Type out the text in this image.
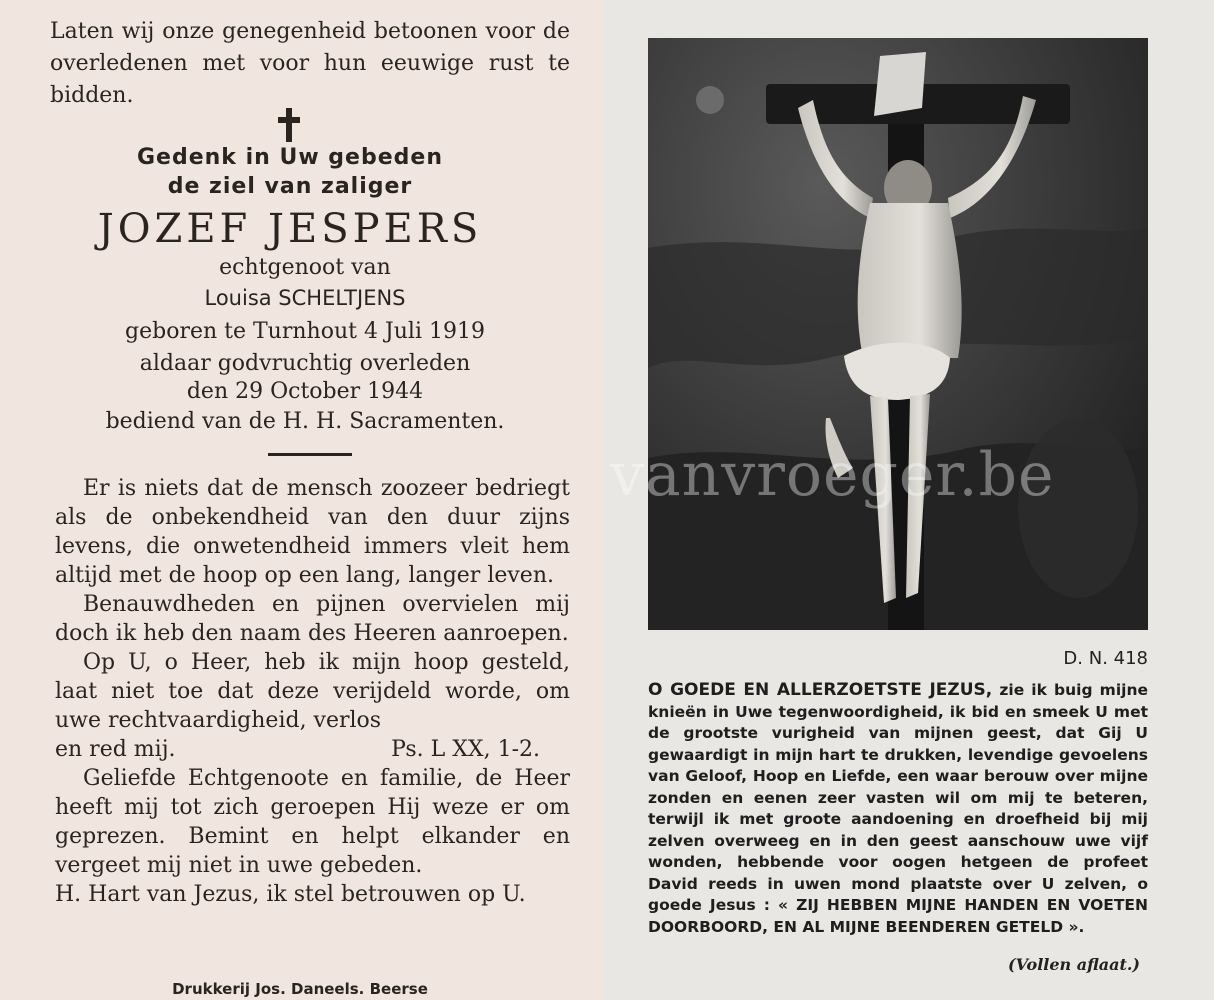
Laten wij onze genegenheid betoonen voor de overledenen met voor hun eeuwige rust te bidden.
Gedenk in Uw gebeden
de ziel van zaliger
JOZEF JESPERS
echtgenoot van
Louisa SCHELTJENS
geboren te Turnhout 4 Juli 1919
aldaar godvruchtig overleden
den 29 October 1944
bediend van de H. H. Sacramenten.

Er is niets dat de mensch zoozeer bedriegt als de onbekendheid van den duur zijns levens, die onwetendheid immers vleit hem altijd met de hoop op een lang, langer leven.

Benauwdheden en pijnen overvielen mij doch ik heb den naam des Heeren aanroepen.

Op U, o Heer, heb ik mijn hoop gesteld, laat niet toe dat deze verijdeld worde, om uwe rechtvaardigheid, verlos

en red mij.	Ps. L XX, 1-2.

Geliefde Echtgenoote en familie, de Heer heeft mij tot zich geroepen Hij weze er om geprezen. Bemint en helpt elkander en vergeet mij niet in uwe gebeden.

H. Hart van Jezus, ik stel betrouwen op U.

Drukkerij Jos. Daneels. Beerse
D. N. 418
O GOEDE EN ALLERZOETSTE JEZUS, zie ik buig mijne knieën in Uwe tegenwoordigheid, ik bid en smeek U met de grootste vurigheid van mijnen geest, dat Gij U gewaardigt in mijn hart te drukken, levendige gevoelens van Geloof, Hoop en Liefde, een waar berouw over mijne zonden en eenen zeer vasten wil om mij te beteren, terwijl ik met groote aandoening en droefheid bij mij zelven overweeg en in den geest aanschouw uwe vijf wonden, hebbende voor oogen hetgeen de profeet David reeds in uwen mond plaatste over U zelven, o goede Jesus : « ZIJ HEBBEN MIJNE HANDEN EN VOETEN DOORBOORD, EN AL MIJNE BEENDEREN GETELD ».
(Vollen aflaat.)
vanvroeger.be
